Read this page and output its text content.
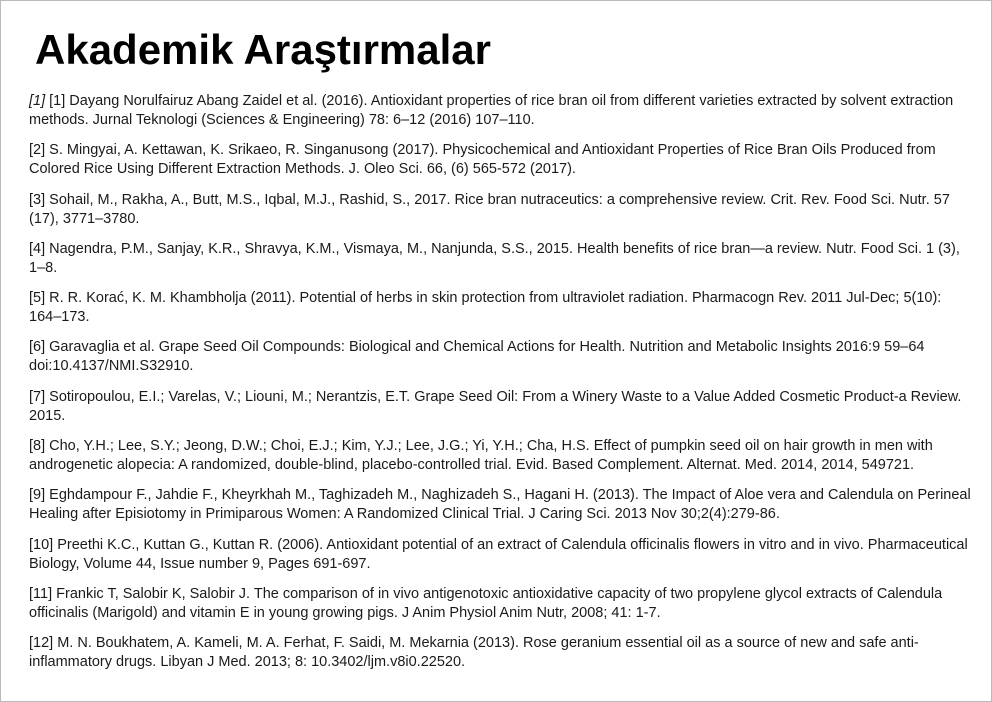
Akademik Araştırmalar
[1] [1] Dayang Norulfairuz Abang Zaidel et al. (2016). Antioxidant properties of rice bran oil from different varieties extracted by solvent extraction methods. Jurnal Teknologi (Sciences & Engineering) 78: 6–12 (2016) 107–110.
[2] S. Mingyai, A. Kettawan, K. Srikaeo, R. Singanusong (2017). Physicochemical and Antioxidant Properties of Rice Bran Oils Produced from Colored Rice Using Different Extraction Methods. J. Oleo Sci. 66, (6) 565-572 (2017).
[3] Sohail, M., Rakha, A., Butt, M.S., Iqbal, M.J., Rashid, S., 2017. Rice bran nutraceutics: a comprehensive review. Crit. Rev. Food Sci. Nutr. 57 (17), 3771–3780.
[4] Nagendra, P.M., Sanjay, K.R., Shravya, K.M., Vismaya, M., Nanjunda, S.S., 2015. Health benefits of rice bran—a review. Nutr. Food Sci. 1 (3), 1–8.
[5] R. R. Korać, K. M. Khambholja (2011). Potential of herbs in skin protection from ultraviolet radiation. Pharmacogn Rev. 2011 Jul-Dec; 5(10): 164–173.
[6] Garavaglia et al. Grape Seed Oil Compounds: Biological and Chemical Actions for Health. Nutrition and Metabolic Insights 2016:9 59–64 doi:10.4137/NMI.S32910.
[7] Sotiropoulou, E.I.; Varelas, V.; Liouni, M.; Nerantzis, E.T. Grape Seed Oil: From a Winery Waste to a Value Added Cosmetic Product-a Review. 2015.
[8] Cho, Y.H.; Lee, S.Y.; Jeong, D.W.; Choi, E.J.; Kim, Y.J.; Lee, J.G.; Yi, Y.H.; Cha, H.S. Effect of pumpkin seed oil on hair growth in men with androgenetic alopecia: A randomized, double-blind, placebo-controlled trial. Evid. Based Complement. Alternat. Med. 2014, 2014, 549721.
[9] Eghdampour F., Jahdie F., Kheyrkhah M., Taghizadeh M., Naghizadeh S., Hagani H. (2013). The Impact of Aloe vera and Calendula on Perineal Healing after Episiotomy in Primiparous Women: A Randomized Clinical Trial. J Caring Sci. 2013 Nov 30;2(4):279-86.
[10] Preethi K.C., Kuttan G., Kuttan R. (2006). Antioxidant potential of an extract of Calendula officinalis flowers in vitro and in vivo. Pharmaceutical Biology, Volume 44, Issue number 9, Pages 691-697.
[11] Frankic T, Salobir K, Salobir J. The comparison of in vivo antigenotoxic antioxidative capacity of two propylene glycol extracts of Calendula officinalis (Marigold) and vitamin E in young growing pigs. J Anim Physiol Anim Nutr, 2008; 41: 1-7.
[12] M. N. Boukhatem, A. Kameli, M. A. Ferhat, F. Saidi, M. Mekarnia (2013). Rose geranium essential oil as a source of new and safe anti-inflammatory drugs. Libyan J Med. 2013; 8: 10.3402/ljm.v8i0.22520.
